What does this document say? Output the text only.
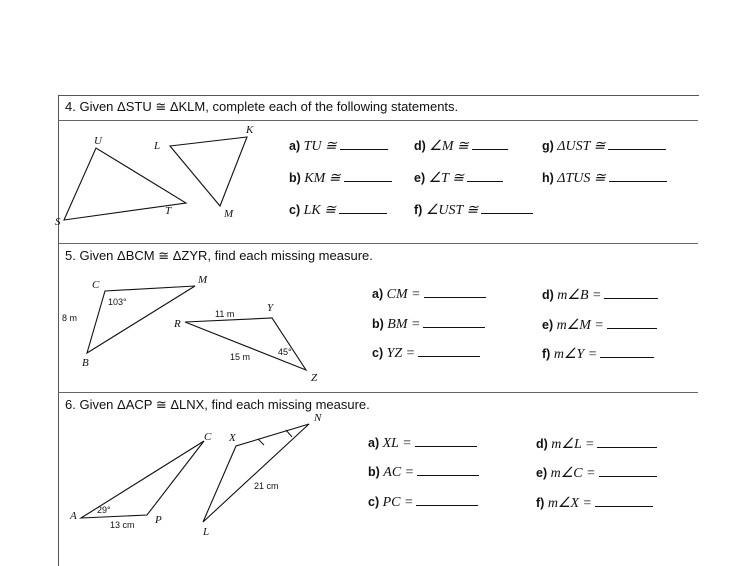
U	L
K
S
T	M
C	M
B
R
Y
Z
103°
8 m	11 m
15 m	45°
C X
N
A	P
L
29°
13 cm
21 cm
4. Given ΔSTU ≅ ΔKLM, complete each of the following statements.
5. Given ΔBCM ≅ ΔZYR, find each missing measure.
6. Given ΔACP ≅ ΔLNX, find each missing measure.
a) TU ≅
b) KM ≅
c) LK ≅
d) ∠M ≅
e) ∠T ≅
f) ∠UST ≅
g) ΔUST ≅
h) ΔTUS ≅
a) CM =
b) BM =
c) YZ =
d) m∠B =
e) m∠M =
f) m∠Y =
a) XL =
b) AC =
c) PC =
d) m∠L =
e) m∠C =
f) m∠X =
